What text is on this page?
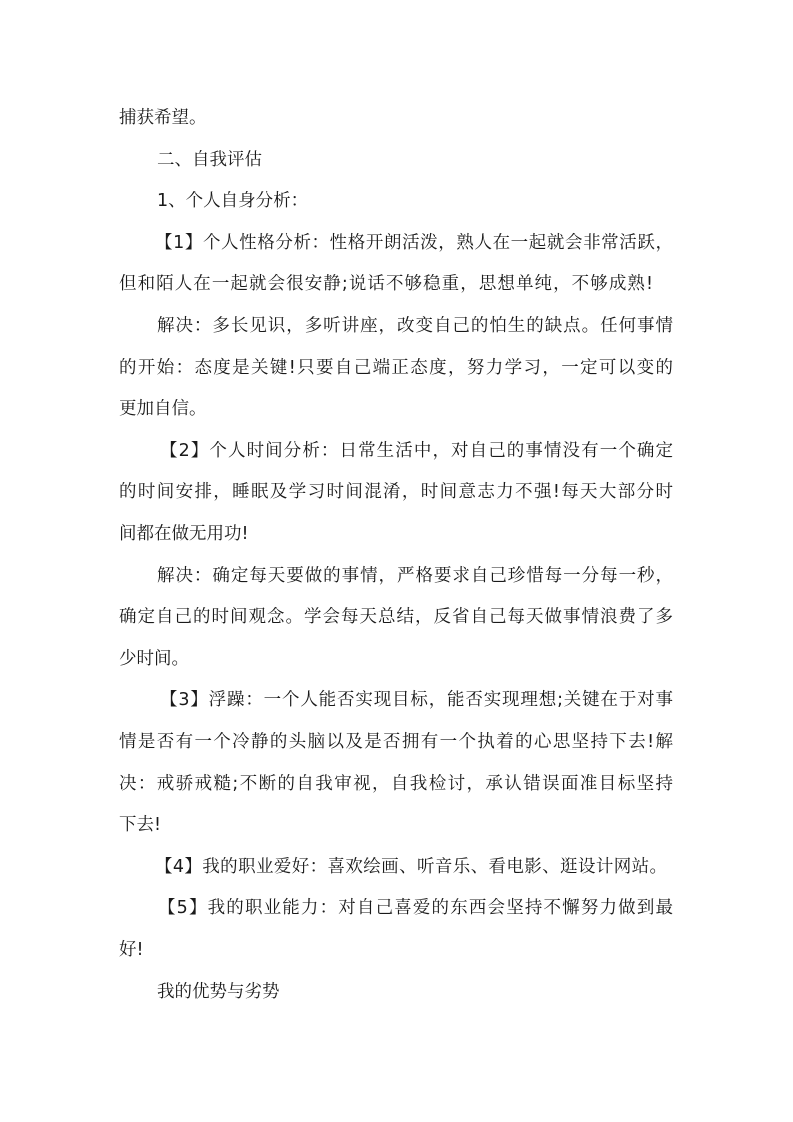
捕获希望。
二、自我评估
1、个人自身分析：
【1】个人性格分析：性格开朗活泼，熟人在一起就会非常活跃，
但和陌人在一起就会很安静;说话不够稳重，思想单纯，不够成熟!
解决：多长见识，多听讲座，改变自己的怕生的缺点。任何事情
的开始：态度是关键!只要自己端正态度，努力学习，一定可以变的
更加自信。
【2】个人时间分析：日常生活中，对自己的事情没有一个确定
的时间安排，睡眠及学习时间混淆，时间意志力不强!每天大部分时
间都在做无用功!
解决：确定每天要做的事情，严格要求自己珍惜每一分每一秒，
确定自己的时间观念。学会每天总结，反省自己每天做事情浪费了多
少时间。
【3】浮躁：一个人能否实现目标，能否实现理想;关键在于对事
情是否有一个冷静的头脑以及是否拥有一个执着的心思坚持下去!解
决：戒骄戒糙;不断的自我审视，自我检讨，承认错误面准目标坚持
下去!
【4】我的职业爱好：喜欢绘画、听音乐、看电影、逛设计网站。
【5】我的职业能力：对自己喜爱的东西会坚持不懈努力做到最
好!
我的优势与劣势
